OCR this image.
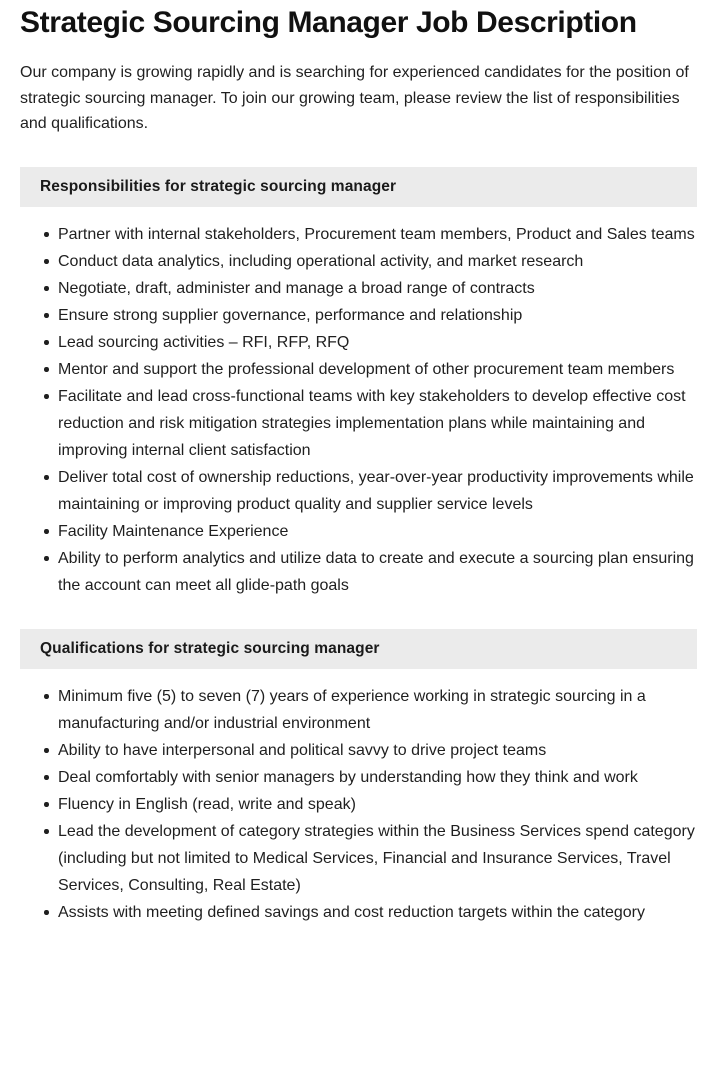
Strategic Sourcing Manager Job Description

Our company is growing rapidly and is searching for experienced candidates for the position of strategic sourcing manager. To join our growing team, please review the list of responsibilities and qualifications.

Responsibilities for strategic sourcing manager
Partner with internal stakeholders, Procurement team members, Product and Sales teams
Conduct data analytics, including operational activity, and market research
Negotiate, draft, administer and manage a broad range of contracts
Ensure strong supplier governance, performance and relationship
Lead sourcing activities – RFI, RFP, RFQ
Mentor and support the professional development of other procurement team members
Facilitate and lead cross-functional teams with key stakeholders to develop effective cost reduction and risk mitigation strategies implementation plans while maintaining and improving internal client satisfaction
Deliver total cost of ownership reductions, year-over-year productivity improvements while maintaining or improving product quality and supplier service levels
Facility Maintenance Experience
Ability to perform analytics and utilize data to create and execute a sourcing plan ensuring the account can meet all glide-path goals
Qualifications for strategic sourcing manager
Minimum five (5) to seven (7) years of experience working in strategic sourcing in a manufacturing and/or industrial environment
Ability to have interpersonal and political savvy to drive project teams
Deal comfortably with senior managers by understanding how they think and work
Fluency in English (read, write and speak)
Lead the development of category strategies within the Business Services spend category (including but not limited to Medical Services, Financial and Insurance Services, Travel Services, Consulting, Real Estate)
Assists with meeting defined savings and cost reduction targets within the category
